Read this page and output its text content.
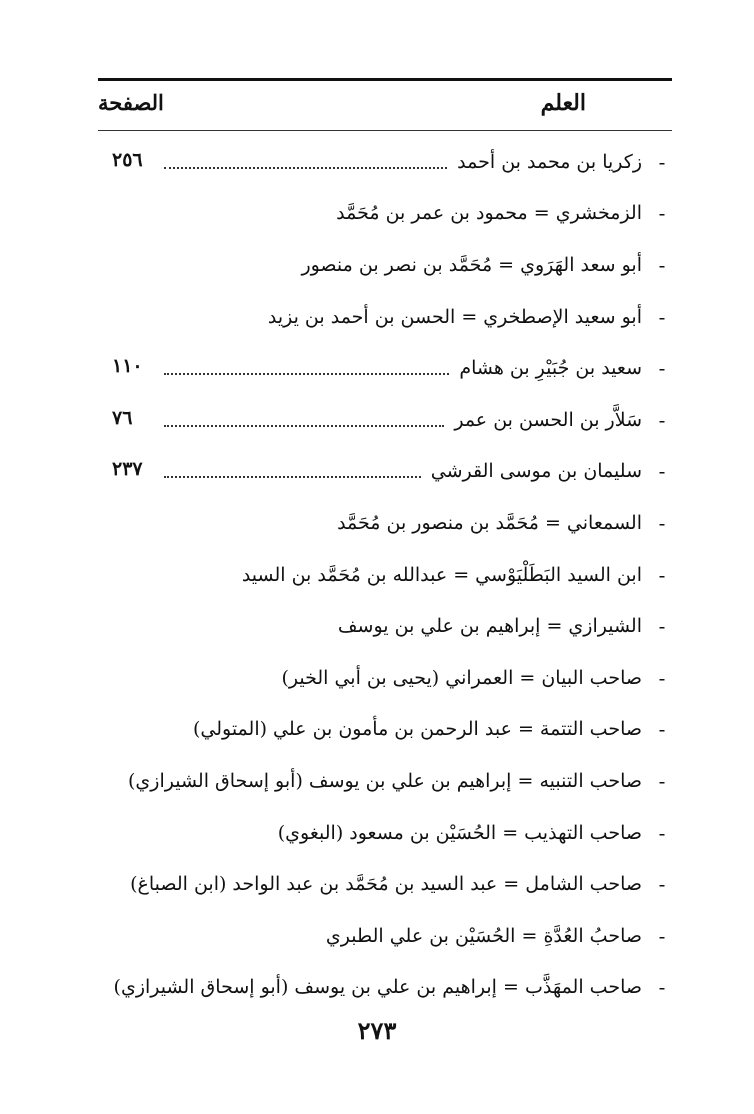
العلم
الصفحة
-
زكريا بن محمد بن أحمد
٢٥٦
-
الزمخشري = محمود بن عمر بن مُحَمَّد
-
أبو سعد الهَرَوي = مُحَمَّد بن نصر بن منصور
-
أبو سعيد الإصطخري = الحسن بن أحمد بن يزيد
-
سعيد بن جُبَيْرِ بن هشام
١١٠
-
سَلاَّر بن الحسن بن عمر
٧٦
-
سليمان بن موسى القرشي
٢٣٧
-
السمعاني = مُحَمَّد بن منصور بن مُحَمَّد
-
ابن السيد البَطَلْيَوْسي = عبدالله بن مُحَمَّد بن السيد
-
الشيرازي = إبراهيم بن علي بن يوسف
-
صاحب البيان = العمراني (يحيى بن أبي الخير)
-
صاحب التتمة = عبد الرحمن بن مأمون بن علي (المتولي)
-
صاحب التنبيه = إبراهيم بن علي بن يوسف (أبو إسحاق الشيرازي)
-
صاحب التهذيب = الحُسَيْن بن مسعود (البغوي)
-
صاحب الشامل = عبد السيد بن مُحَمَّد بن عبد الواحد (ابن الصباغ)
-
صاحبُ العُدَّةِ = الحُسَيْن بن علي الطبري
-
صاحب المهَذَّب = إبراهيم بن علي بن يوسف (أبو إسحاق الشيرازي)
٢٧٣
